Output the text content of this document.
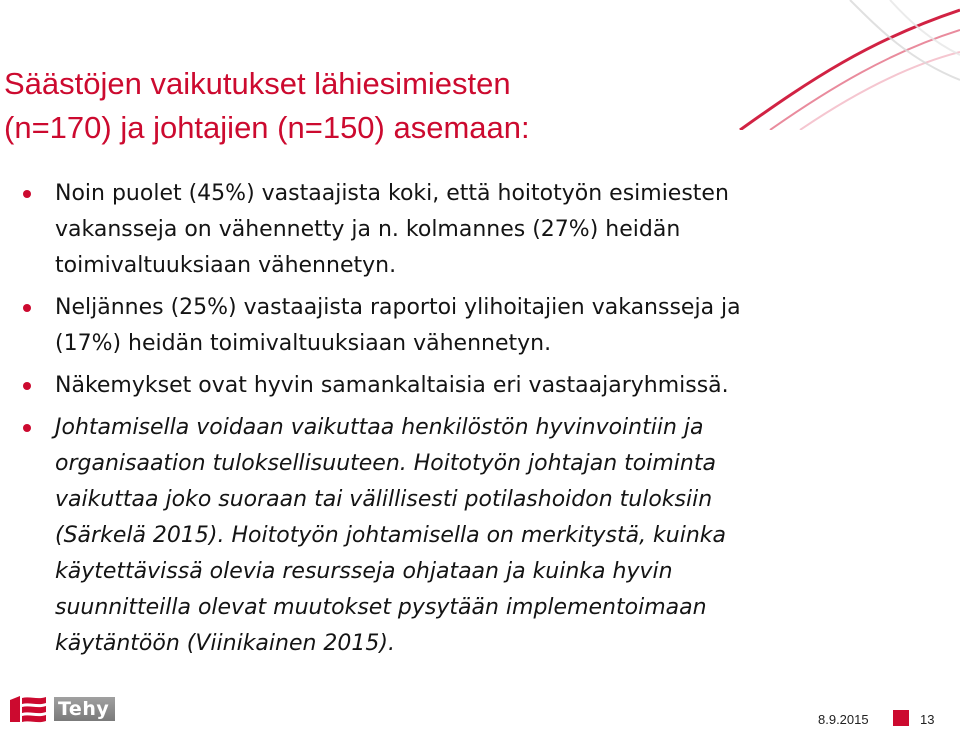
Säästöjen vaikutukset lähiesimiesten
(n=170) ja johtajien (n=150) asemaan:
Noin puolet (45%) vastaajista koki, että hoitotyön esimiesten
vakansseja on vähennetty ja n. kolmannes (27%) heidän
toimivaltuuksiaan vähennetyn.
Neljännes (25%) vastaajista raportoi ylihoitajien vakansseja ja
(17%) heidän toimivaltuuksiaan vähennetyn.
Näkemykset ovat hyvin samankaltaisia eri vastaajaryhmissä.
Johtamisella voidaan vaikuttaa henkilöstön hyvinvointiin ja
organisaation tuloksellisuuteen. Hoitotyön johtajan toiminta
vaikuttaa joko suoraan tai välillisesti potilashoidon tuloksiin
(Särkelä 2015). Hoitotyön johtamisella on merkitystä, kuinka
käytettävissä olevia resursseja ohjataan ja kuinka hyvin
suunnitteilla olevat muutokset pysytään implementoimaan
käytäntöön (Viinikainen 2015).
Tehy	8.9.2015	13
